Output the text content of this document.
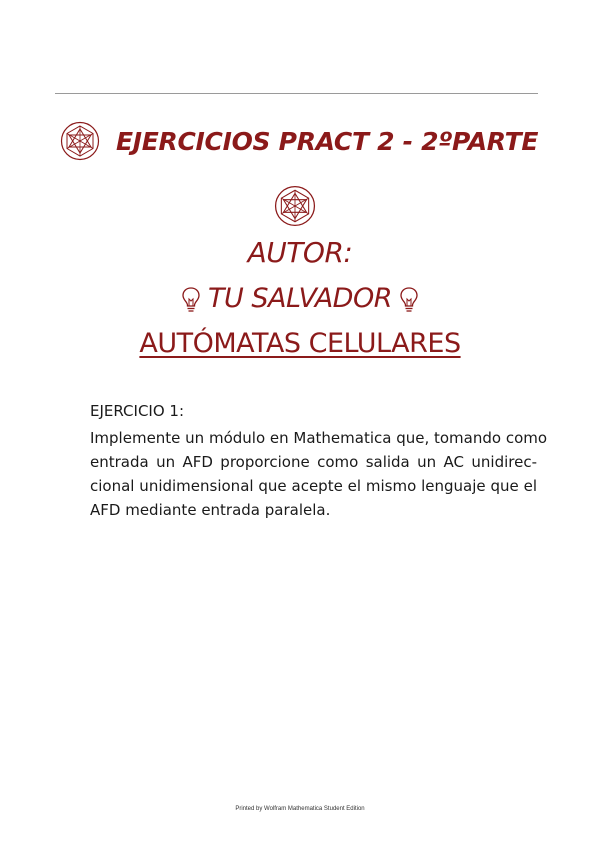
EJERCICIOS PRACT 2 - 2ºPARTE
AUTOR:
TU SALVADOR
AUTÓMATAS CELULARES
EJERCICIO 1:
Implemente un módulo en Mathematica que, tomando como
entrada un AFD proporcione como salida un AC unidirec-
cional unidimensional que acepte el mismo lenguaje que el
AFD mediante entrada paralela.
Printed by Wolfram Mathematica Student Edition
